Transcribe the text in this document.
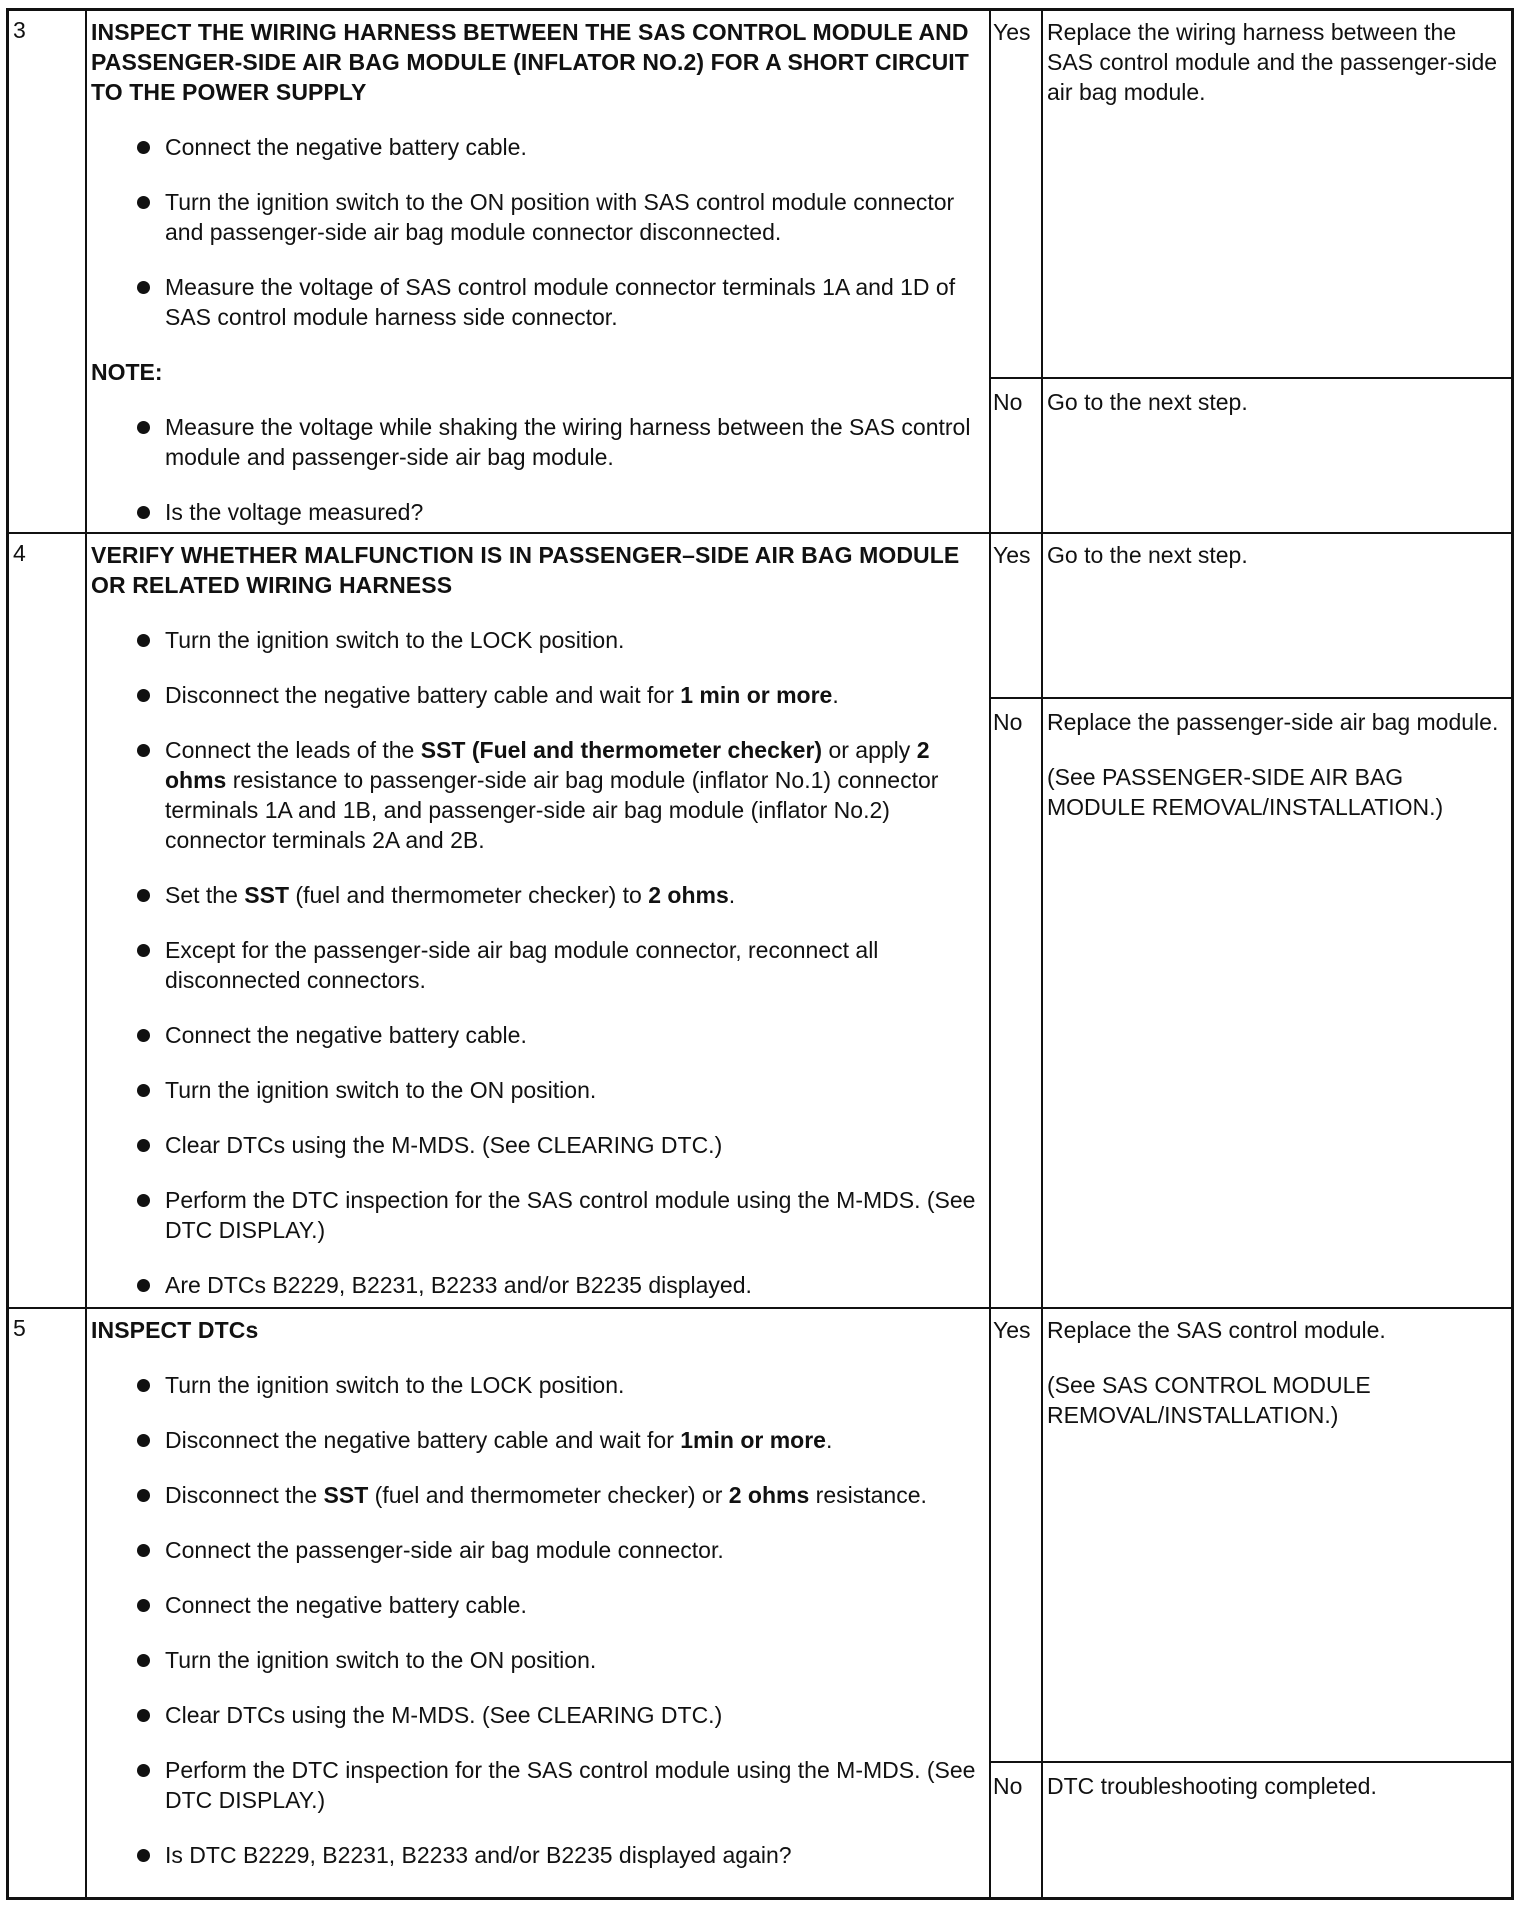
3	INSPECT THE WIRING HARNESS BETWEEN THE SAS CONTROL MODULE AND PASSENGER-SIDE AIR BAG MODULE (INFLATOR NO.2) FOR A SHORT CIRCUIT TO THE POWER SUPPLY
Connect the negative battery cable.
Turn the ignition switch to the ON position with SAS control module connector and passenger-side air bag module connector disconnected.
Measure the voltage of SAS control module connector terminals 1A and 1D of SAS control module harness side connector.
NOTE:
Measure the voltage while shaking the wiring harness between the SAS control module and passenger-side air bag module.
Is the voltage measured?
Yes Replace the wiring harness between the SAS control module and the passenger-side air bag module.

No Go to the next step.

4	VERIFY WHETHER MALFUNCTION IS IN PASSENGER–SIDE AIR BAG MODULE OR RELATED WIRING HARNESS
Turn the ignition switch to the LOCK position.
Disconnect the negative battery cable and wait for 1 min or more.
Connect the leads of the SST (Fuel and thermometer checker) or apply 2 ohms resistance to passenger-side air bag module (inflator No.1) connector terminals 1A and 1B, and passenger-side air bag module (inflator No.2) connector terminals 2A and 2B.
Set the SST (fuel and thermometer checker) to 2 ohms.
Except for the passenger-side air bag module connector, reconnect all disconnected connectors.
Connect the negative battery cable.
Turn the ignition switch to the ON position.
Clear DTCs using the M-MDS. (See CLEARING DTC.)
Perform the DTC inspection for the SAS control module using the M-MDS. (See DTC DISPLAY.)
Are DTCs B2229, B2231, B2233 and/or B2235 displayed.
Yes Go to the next step.

No Replace the passenger-side air bag module.

(See PASSENGER-SIDE AIR BAG MODULE REMOVAL/INSTALLATION.)

5	INSPECT DTCs
Turn the ignition switch to the LOCK position.
Disconnect the negative battery cable and wait for 1min or more.
Disconnect the SST (fuel and thermometer checker) or 2 ohms resistance.
Connect the passenger-side air bag module connector.
Connect the negative battery cable.
Turn the ignition switch to the ON position.
Clear DTCs using the M-MDS. (See CLEARING DTC.)
Perform the DTC inspection for the SAS control module using the M-MDS. (See DTC DISPLAY.)
Is DTC B2229, B2231, B2233 and/or B2235 displayed again?
Yes Replace the SAS control module.

(See SAS CONTROL MODULE REMOVAL/INSTALLATION.)

No DTC troubleshooting completed.
